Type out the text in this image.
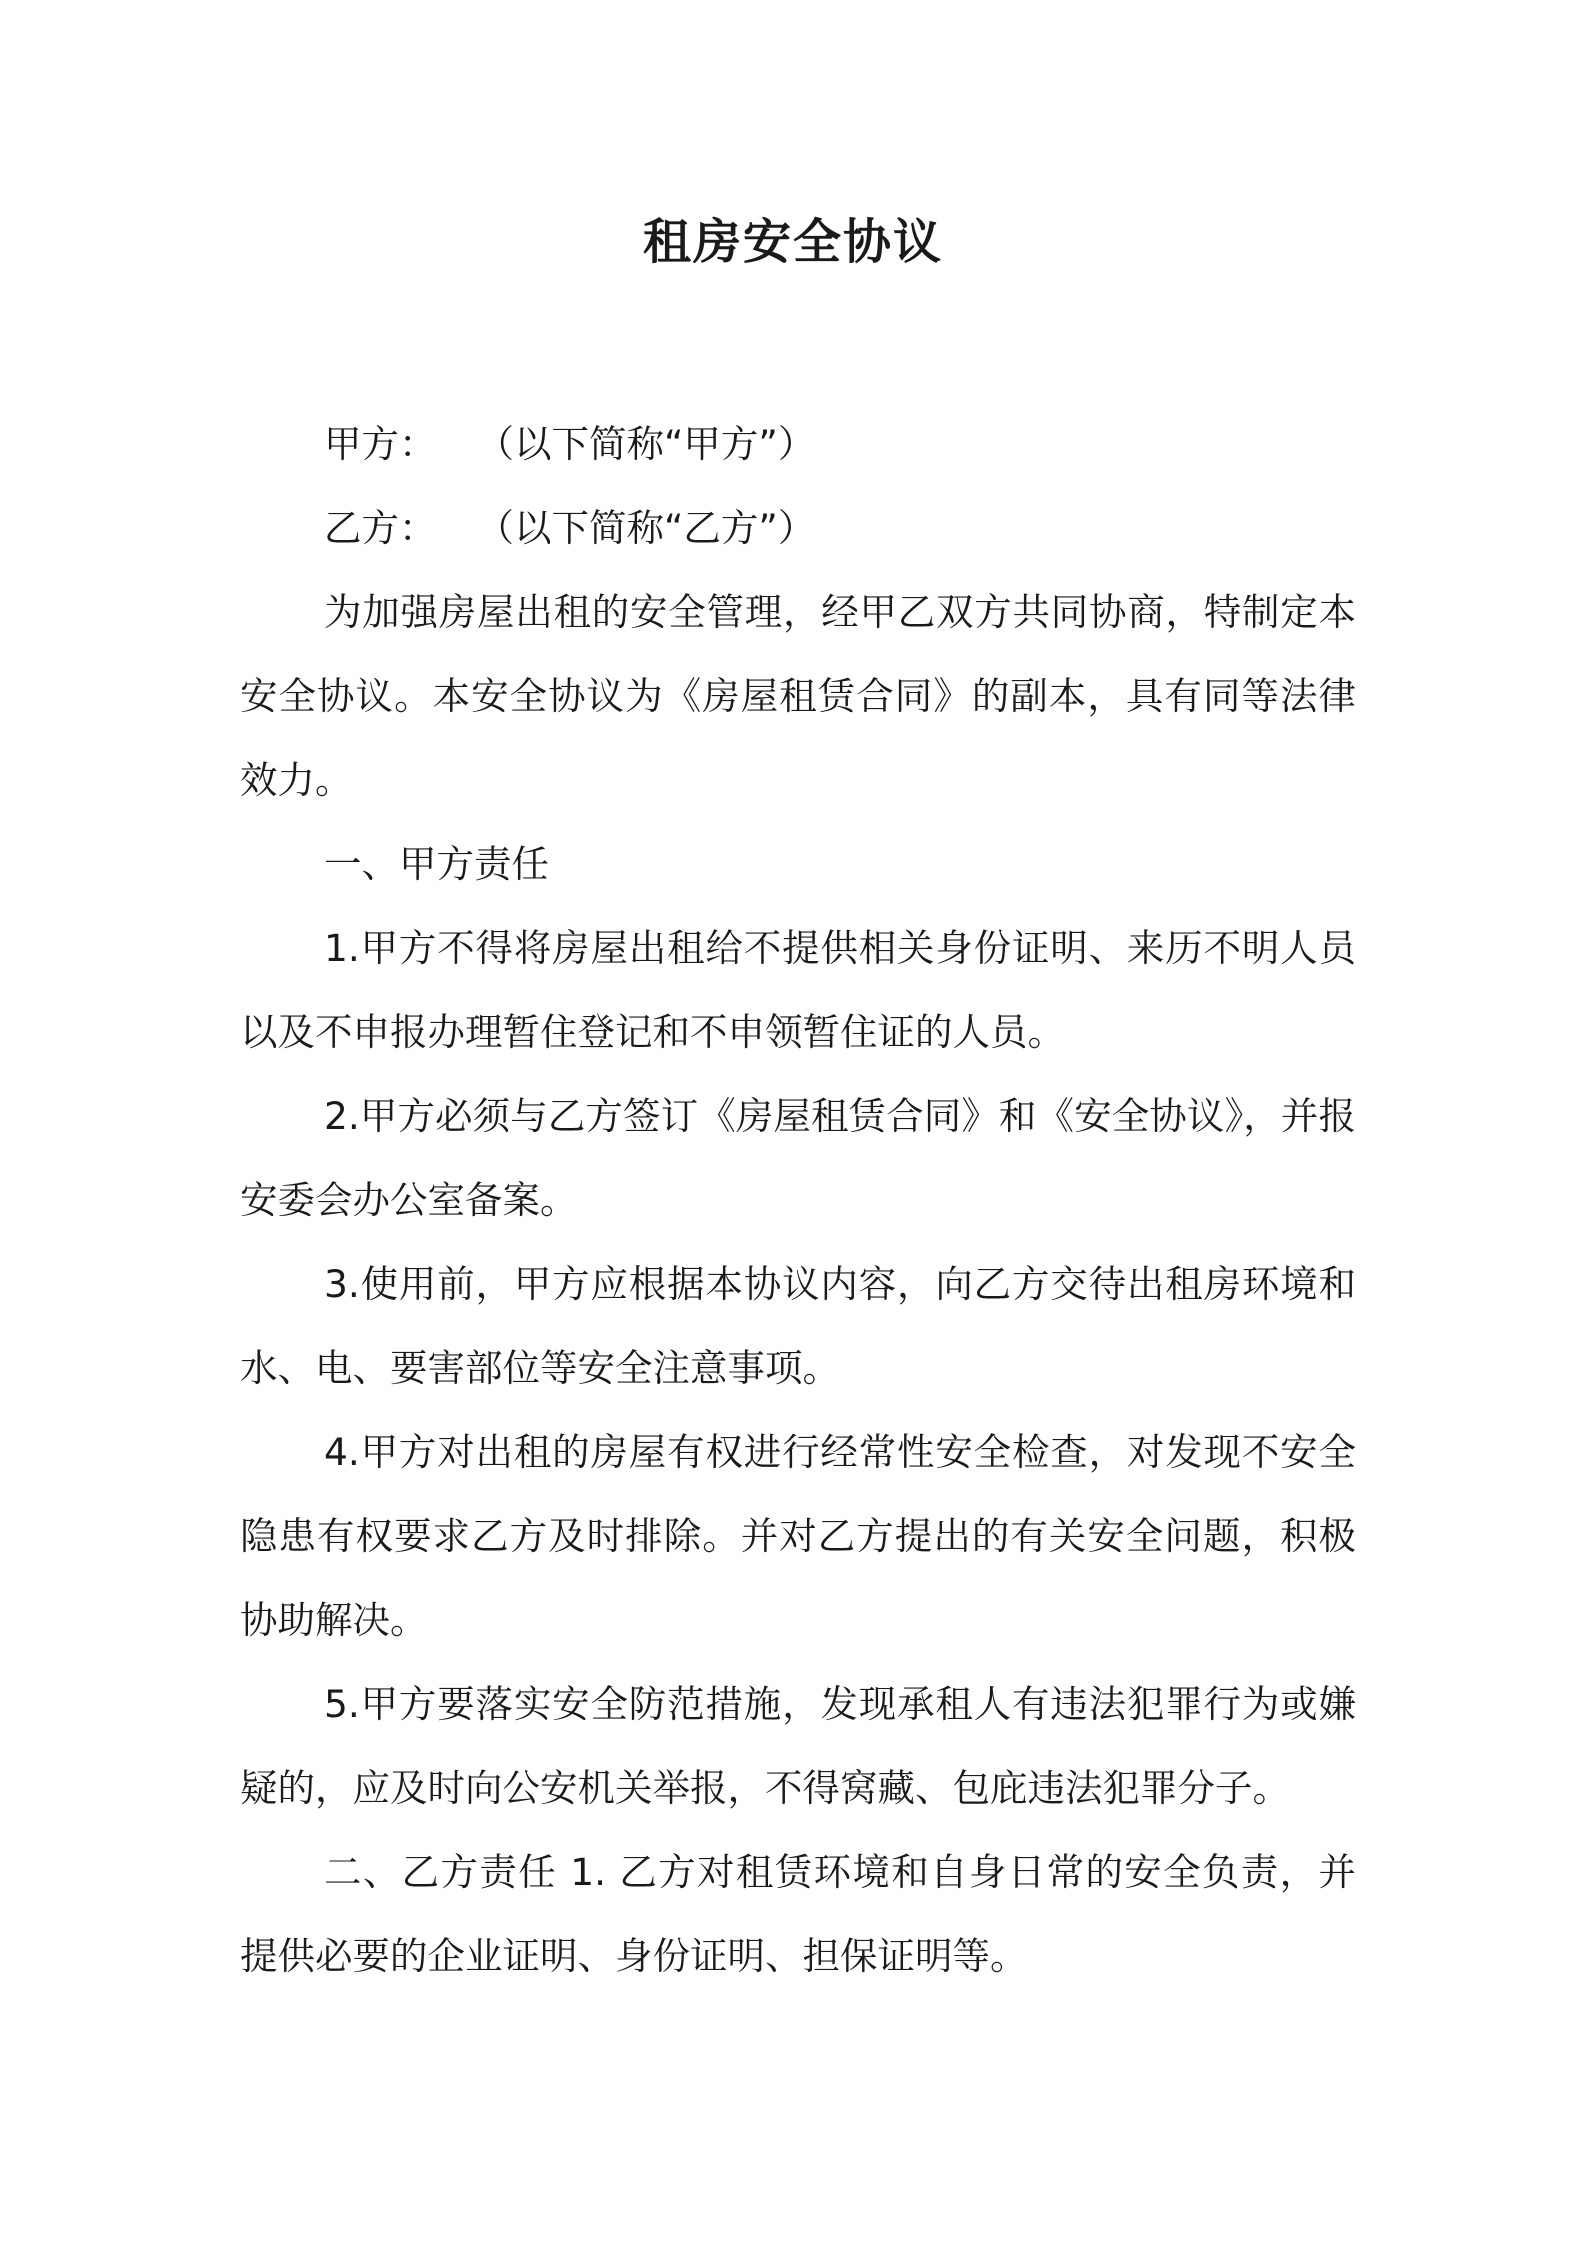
租房安全协议

甲方： （以下简称“甲方”）

乙方： （以下简称“乙方”）

为加强房屋出租的安全管理，经甲乙双方共同协商，特制定本安全协议。本安全协议为《房屋租赁合同》的副本，具有同等法律效力。

一、甲方责任

1.甲方不得将房屋出租给不提供相关身份证明、来历不明人员以及不申报办理暂住登记和不申领暂住证的人员。

2.甲方必须与乙方签订《房屋租赁合同》和《安全协议》，并报安委会办公室备案。

3.使用前，甲方应根据本协议内容，向乙方交待出租房环境和水、电、要害部位等安全注意事项。

4.甲方对出租的房屋有权进行经常性安全检查，对发现不安全隐患有权要求乙方及时排除。并对乙方提出的有关安全问题，积极协助解决。

5.甲方要落实安全防范措施，发现承租人有违法犯罪行为或嫌疑的，应及时向公安机关举报，不得窝藏、包庇违法犯罪分子。

二、乙方责任 1. 乙方对租赁环境和自身日常的安全负责，并提供必要的企业证明、身份证明、担保证明等。
